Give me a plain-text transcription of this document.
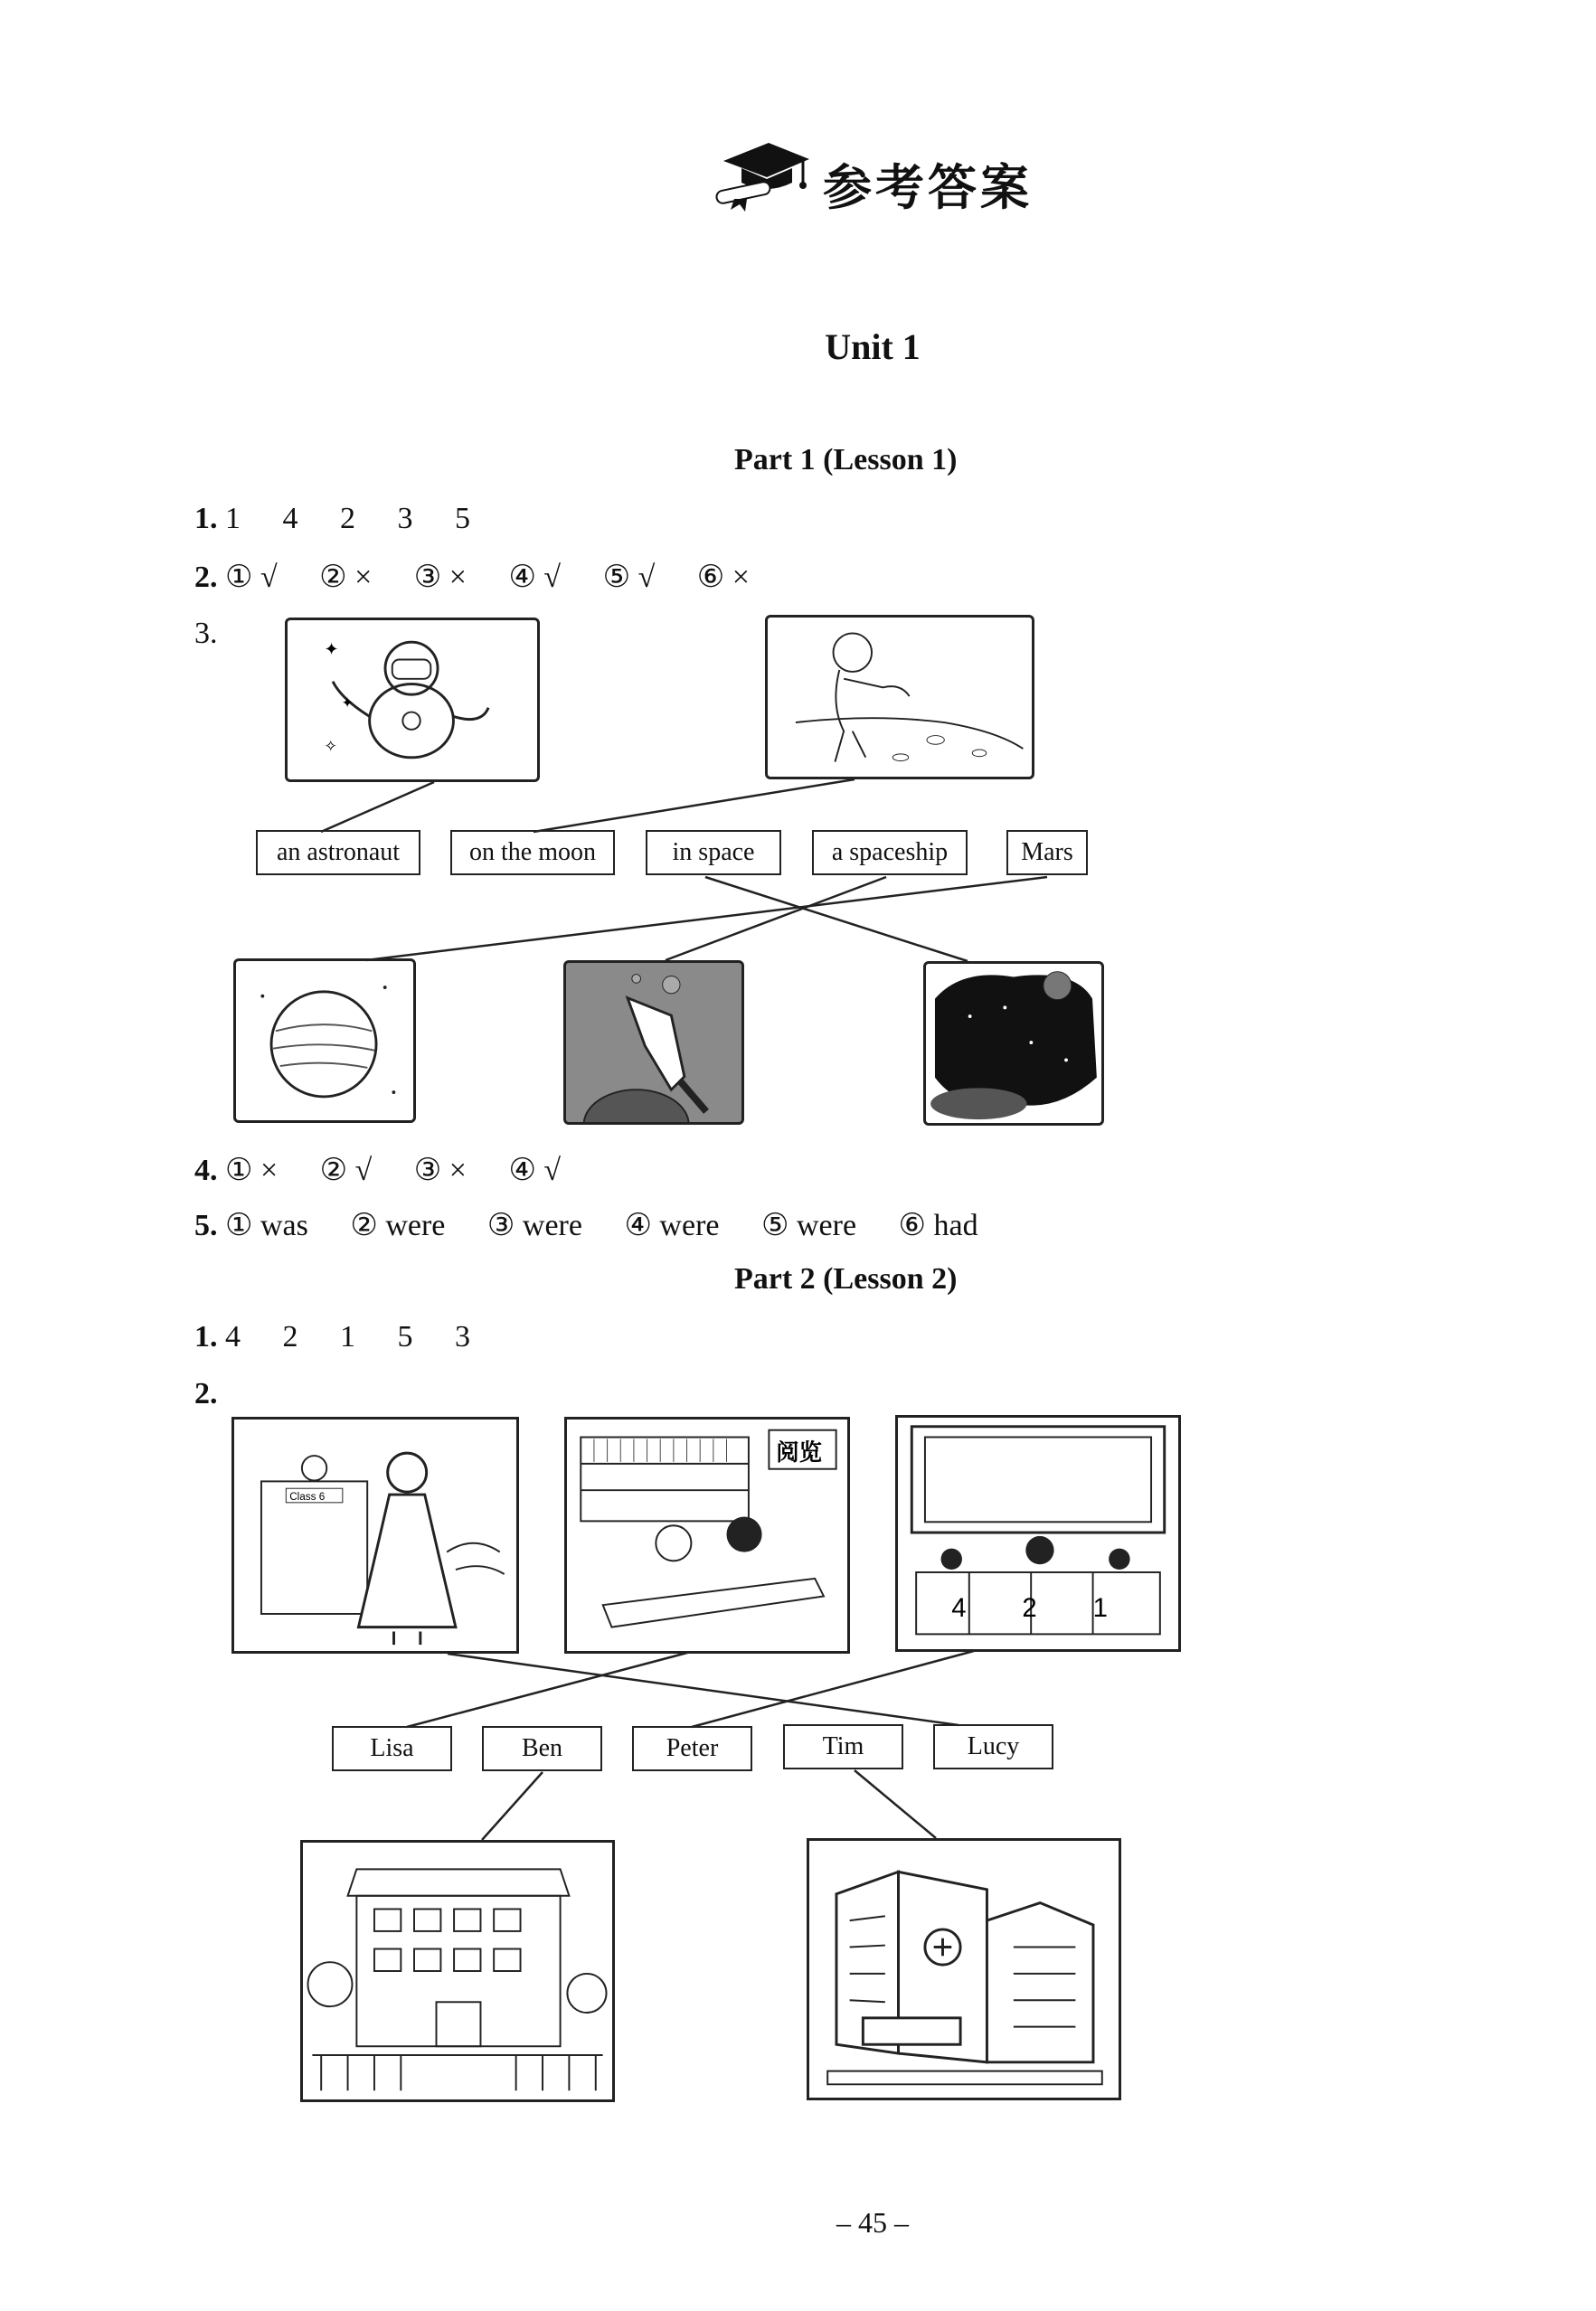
参考答案
Unit 1
Part 1 (Lesson 1)
1. 1 4 2 3 5
2. ① √ ② × ③ × ④ √ ⑤ √ ⑥ ×
3.
✦
✧
✦
an astronaut	on the moon	in space	a spaceship	Mars
4. ① × ② √ ③ × ④ √
5. ① was ② were ③ were ④ were ⑤ were ⑥ had
Part 2 (Lesson 2)
1. 4 2 1 5 3
2.
Class 6
阅览
4 2 1
Lisa	Ben	Peter	Tim	Lucy
– 45 –
